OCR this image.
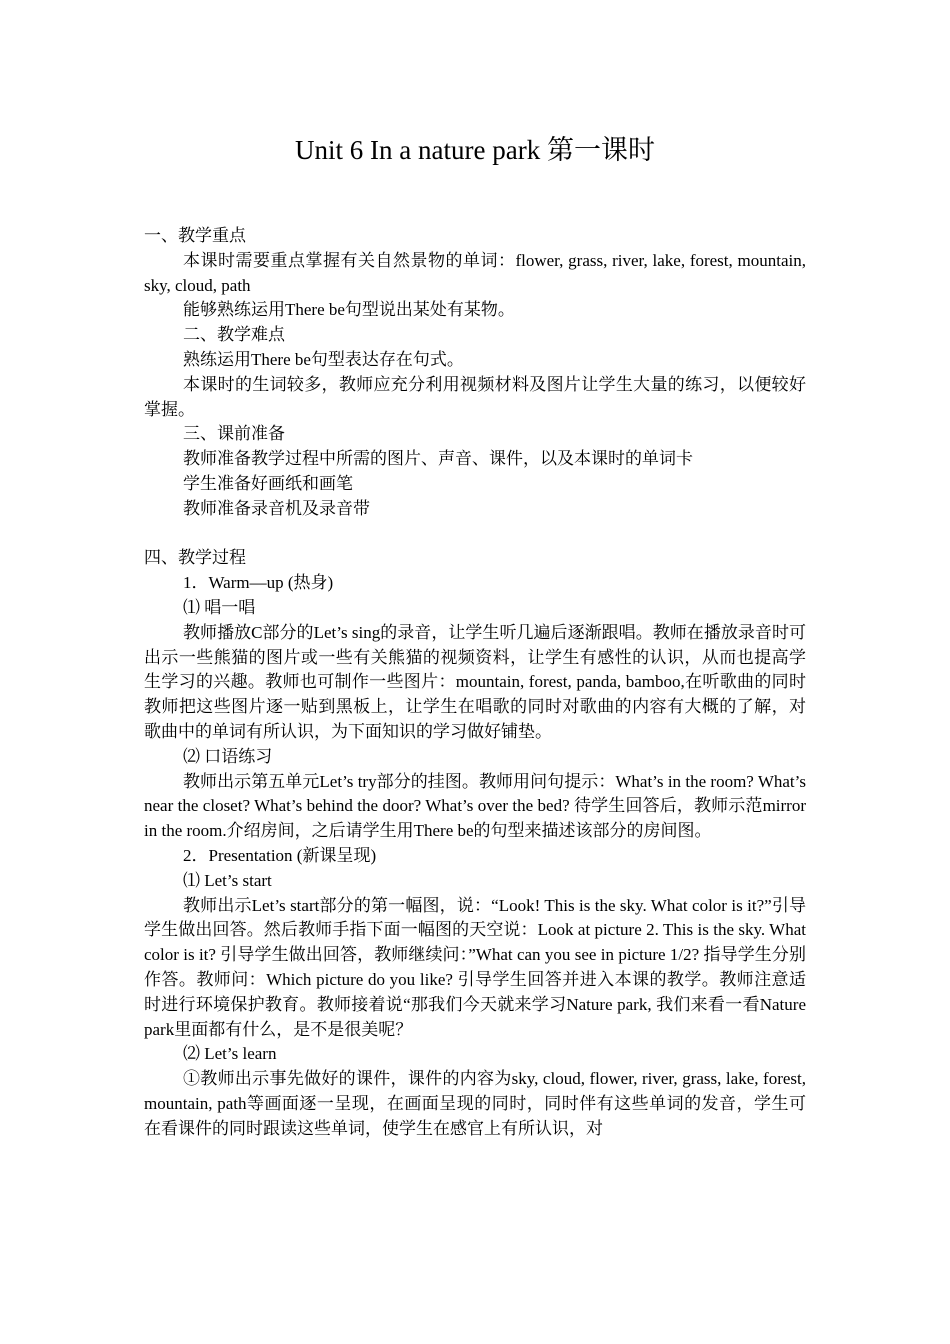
Unit 6 In a nature park 第一课时

一、教学重点

本课时需要重点掌握有关自然景物的单词：flower, grass, river, lake, forest, mountain, sky, cloud, path

能够熟练运用There be句型说出某处有某物。

二、教学难点

熟练运用There be句型表达存在句式。

本课时的生词较多，教师应充分利用视频材料及图片让学生大量的练习，以便较好掌握。

三、课前准备

教师准备教学过程中所需的图片、声音、课件，以及本课时的单词卡

学生准备好画纸和画笔

教师准备录音机及录音带

四、教学过程

1．Warm—up (热身)

⑴ 唱一唱

教师播放C部分的Let’s sing的录音，让学生听几遍后逐渐跟唱。教师在播放录音时可出示一些熊猫的图片或一些有关熊猫的视频资料，让学生有感性的认识，从而也提高学生学习的兴趣。教师也可制作一些图片：mountain, forest, panda, bamboo,在听歌曲的同时教师把这些图片逐一贴到黑板上，让学生在唱歌的同时对歌曲的内容有大概的了解，对歌曲中的单词有所认识，为下面知识的学习做好铺垫。

⑵ 口语练习

教师出示第五单元Let’s try部分的挂图。教师用问句提示：What’s in the room? What’s near the closet? What’s behind the door? What’s over the bed? 待学生回答后，教师示范mirror in the room.介绍房间，之后请学生用There be的句型来描述该部分的房间图。

2．Presentation (新课呈现)

⑴ Let’s start

教师出示Let’s start部分的第一幅图，说：“Look! This is the sky. What color is it?”引导学生做出回答。然后教师手指下面一幅图的天空说：Look at picture 2. This is the sky. What color is it? 引导学生做出回答，教师继续问：”What can you see in picture 1/2? 指导学生分别作答。教师问：Which picture do you like? 引导学生回答并进入本课的教学。教师注意适时进行环境保护教育。教师接着说“那我们今天就来学习Nature park, 我们来看一看Nature park里面都有什么，是不是很美呢？

⑵ Let’s learn

①教师出示事先做好的课件，课件的内容为sky, cloud, flower, river, grass, lake, forest, mountain, path等画面逐一呈现，在画面呈现的同时，同时伴有这些单词的发音，学生可在看课件的同时跟读这些单词，使学生在感官上有所认识，对
